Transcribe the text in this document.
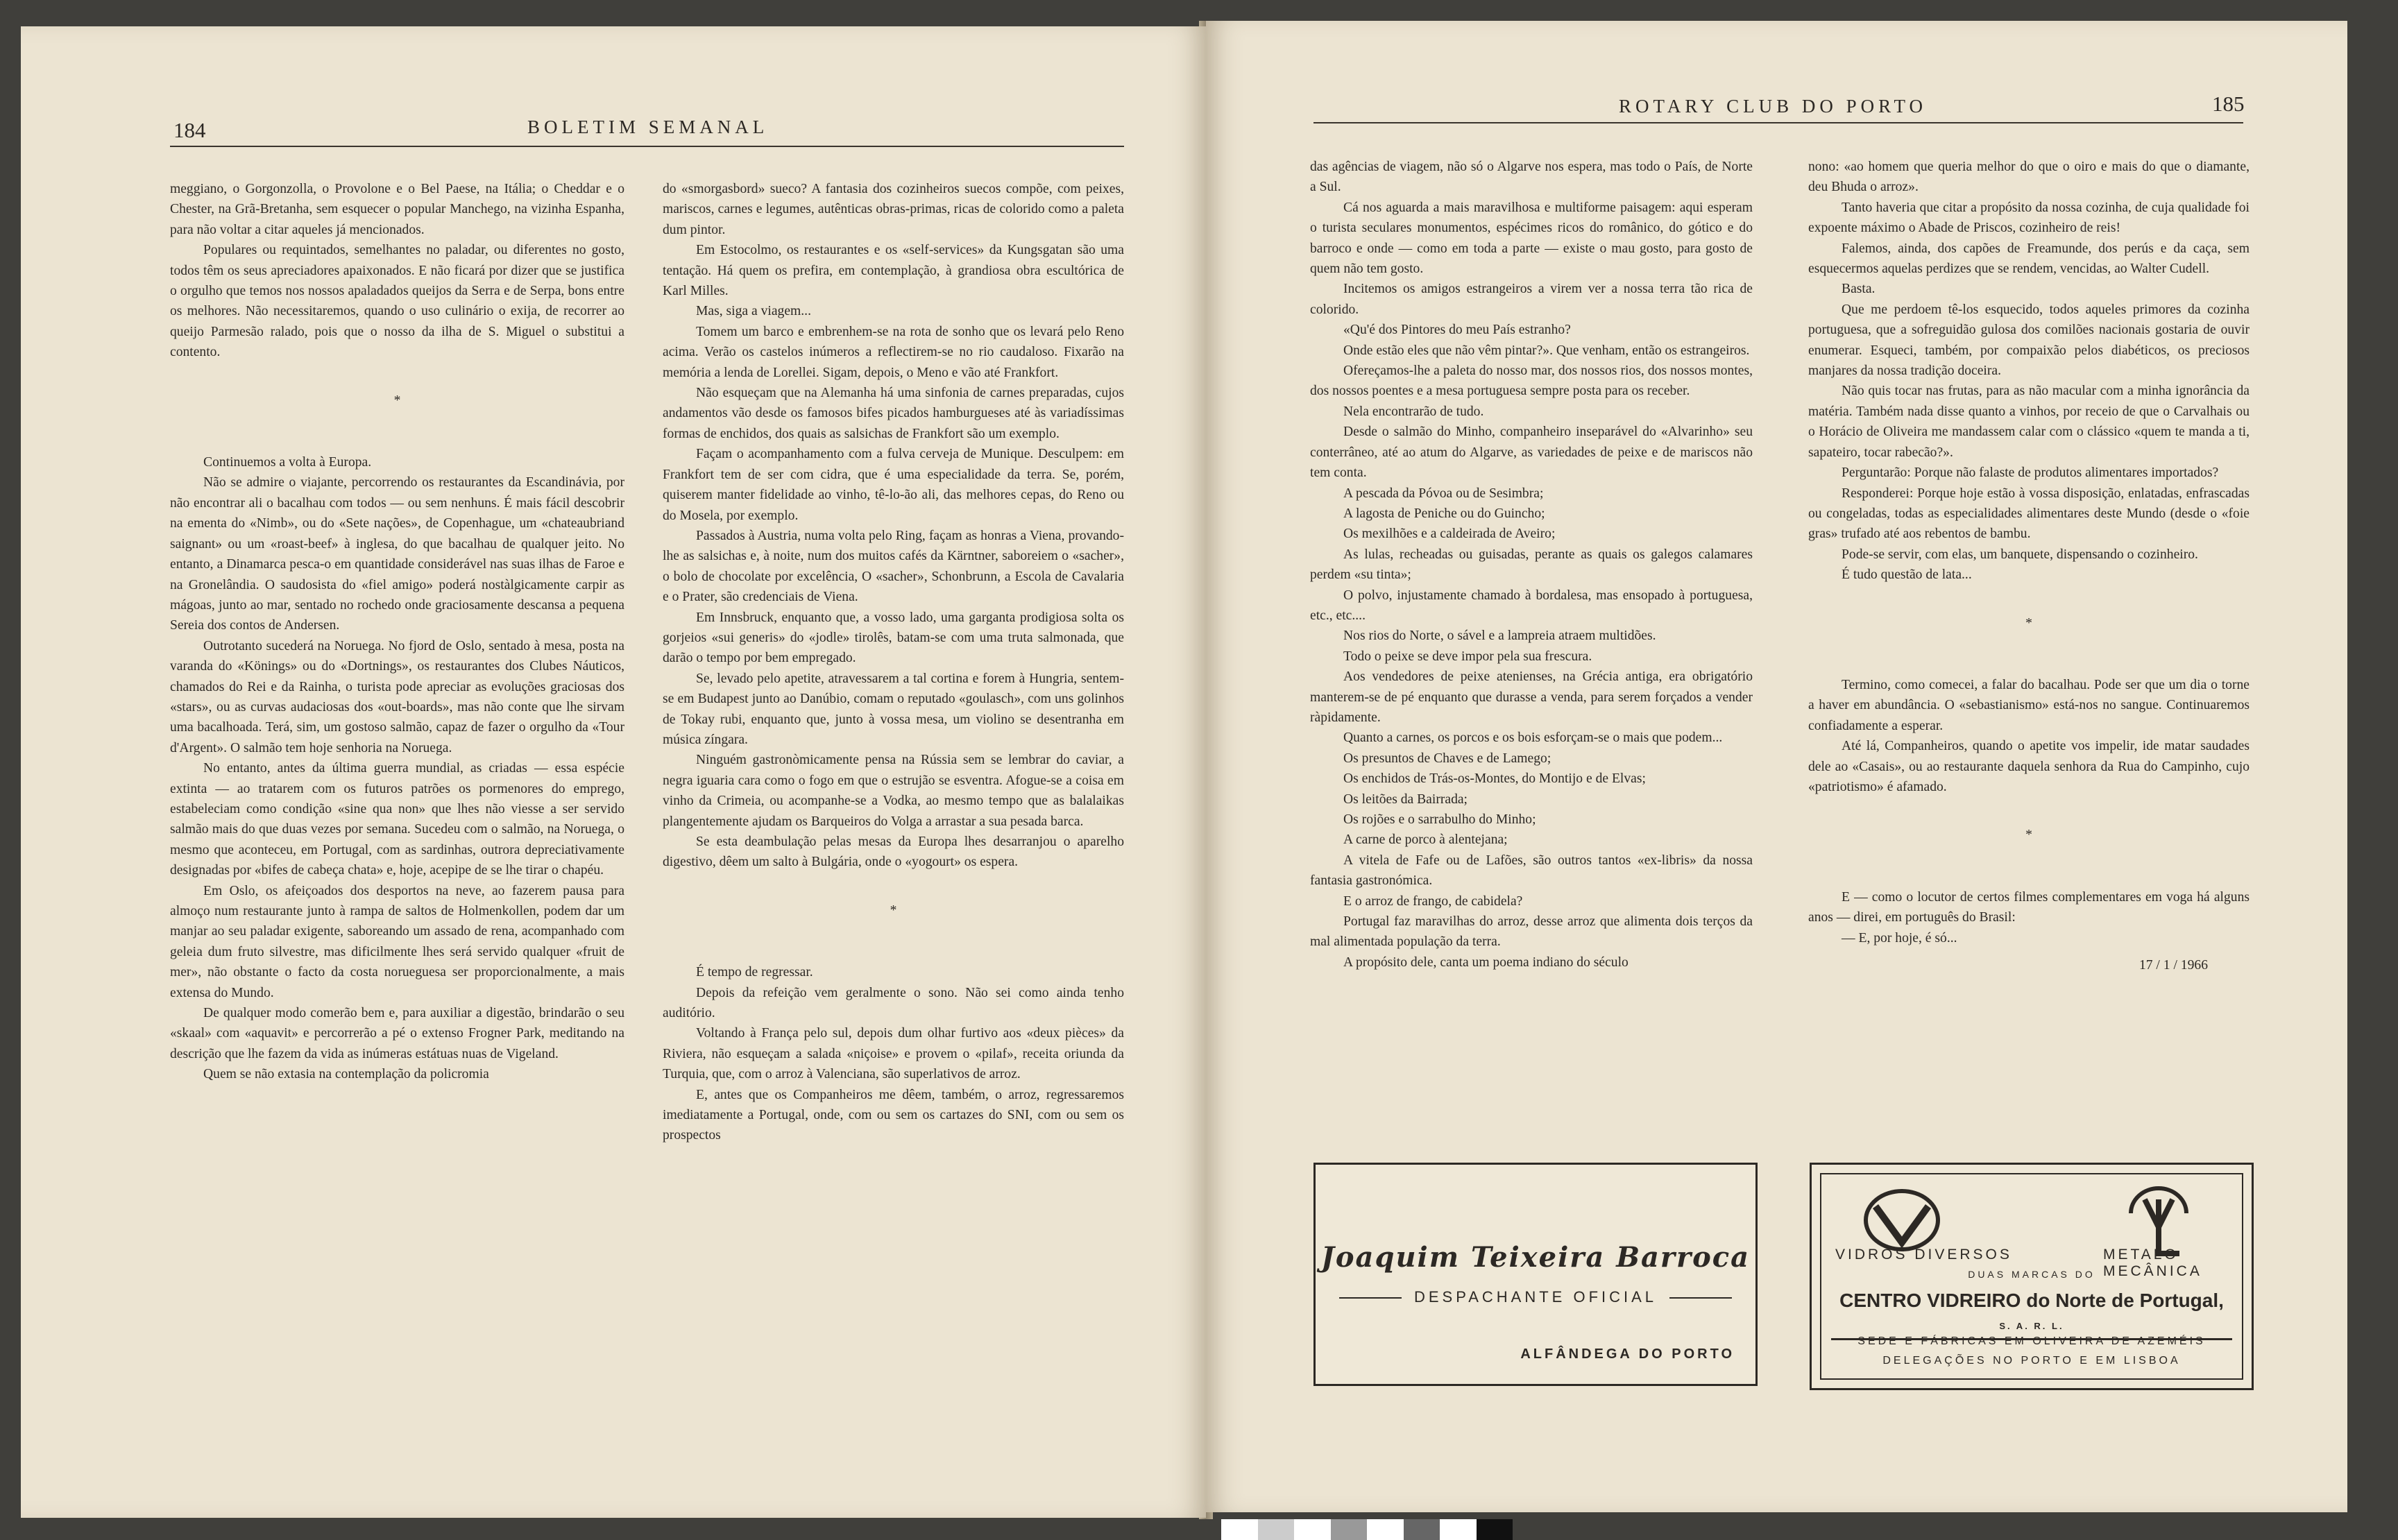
184	BOLETIM SEMANAL

meggiano, o Gorgonzolla, o Provolone e o Bel Paese, na Itália; o Cheddar e o Chester, na Grã-Bretanha, sem esquecer o popular Manchego, na vizinha Espanha, para não voltar a citar aqueles já mencionados.

Populares ou requintados, semelhantes no paladar, ou diferentes no gosto, todos têm os seus apreciadores apaixonados. E não ficará por dizer que se justifica o orgulho que temos nos nossos apaladados queijos da Serra e de Serpa, bons entre os melhores. Não necessitaremos, quando o uso culinário o exija, de recorrer ao queijo Parmesão ralado, pois que o nosso da ilha de S. Miguel o substitui a contento.

*

Continuemos a volta à Europa.

Não se admire o viajante, percorrendo os restaurantes da Escandinávia, por não encontrar ali o bacalhau com todos — ou sem nenhuns. É mais fácil descobrir na ementa do «Nimb», ou do «Sete nações», de Copenhague, um «chateaubriand saignant» ou um «roast-beef» à inglesa, do que bacalhau de qualquer jeito. No entanto, a Dinamarca pesca-o em quantidade considerável nas suas ilhas de Faroe e na Gronelândia. O saudosista do «fiel amigo» poderá nostàlgicamente carpir as mágoas, junto ao mar, sentado no rochedo onde graciosamente descansa a pequena Sereia dos contos de Andersen.

Outrotanto sucederá na Noruega. No fjord de Oslo, sentado à mesa, posta na varanda do «Könings» ou do «Dortnings», os restaurantes dos Clubes Náuticos, chamados do Rei e da Rainha, o turista pode apreciar as evoluções graciosas dos «stars», ou as curvas audaciosas dos «out-boards», mas não conte que lhe sirvam uma bacalhoada. Terá, sim, um gostoso salmão, capaz de fazer o orgulho da «Tour d'Argent». O salmão tem hoje senhoria na Noruega.

No entanto, antes da última guerra mundial, as criadas — essa espécie extinta — ao tratarem com os futuros patrões os pormenores do emprego, estabeleciam como condição «sine qua non» que lhes não viesse a ser servido salmão mais do que duas vezes por semana. Sucedeu com o salmão, na Noruega, o mesmo que aconteceu, em Portugal, com as sardinhas, outrora depreciativamente designadas por «bifes de cabeça chata» e, hoje, acepipe de se lhe tirar o chapéu.

Em Oslo, os afeiçoados dos desportos na neve, ao fazerem pausa para almoço num restaurante junto à rampa de saltos de Holmenkollen, podem dar um manjar ao seu paladar exigente, saboreando um assado de rena, acompanhado com geleia dum fruto silvestre, mas dificilmente lhes será servido qualquer «fruit de mer», não obstante o facto da costa norueguesa ser proporcionalmente, a mais extensa do Mundo.

De qualquer modo comerão bem e, para auxiliar a digestão, brindarão o seu «skaal» com «aquavit» e percorrerão a pé o extenso Frogner Park, meditando na descrição que lhe fazem da vida as inúmeras estátuas nuas de Vigeland.

Quem se não extasia na contemplação da policromia

do «smorgasbord» sueco? A fantasia dos cozinheiros suecos compõe, com peixes, mariscos, carnes e legumes, autênticas obras-primas, ricas de colorido como a paleta dum pintor.

Em Estocolmo, os restaurantes e os «self-services» da Kungsgatan são uma tentação. Há quem os prefira, em contemplação, à grandiosa obra escultórica de Karl Milles.

Mas, siga a viagem...

Tomem um barco e embrenhem-se na rota de sonho que os levará pelo Reno acima. Verão os castelos inúmeros a reflectirem-se no rio caudaloso. Fixarão na memória a lenda de Lorellei. Sigam, depois, o Meno e vão até Frankfort.

Não esqueçam que na Alemanha há uma sinfonia de carnes preparadas, cujos andamentos vão desde os famosos bifes picados hamburgueses até às variadíssimas formas de enchidos, dos quais as salsichas de Frankfort são um exemplo.

Façam o acompanhamento com a fulva cerveja de Munique. Desculpem: em Frankfort tem de ser com cidra, que é uma especialidade da terra. Se, porém, quiserem manter fidelidade ao vinho, tê-lo-ão ali, das melhores cepas, do Reno ou do Mosela, por exemplo.

Passados à Austria, numa volta pelo Ring, façam as honras a Viena, provando-lhe as salsichas e, à noite, num dos muitos cafés da Kärntner, saboreiem o «sacher», o bolo de chocolate por excelência, O «sacher», Schonbrunn, a Escola de Cavalaria e o Prater, são credenciais de Viena.

Em Innsbruck, enquanto que, a vosso lado, uma garganta prodigiosa solta os gorjeios «sui generis» do «jodle» tirolês, batam-se com uma truta salmonada, que darão o tempo por bem empregado.

Se, levado pelo apetite, atravessarem a tal cortina e forem à Hungria, sentem-se em Budapest junto ao Danúbio, comam o reputado «goulasch», com uns golinhos de Tokay rubi, enquanto que, junto à vossa mesa, um violino se desentranha em música zíngara.

Ninguém gastronòmicamente pensa na Rússia sem se lembrar do caviar, a negra iguaria cara como o fogo em que o estrujão se esventra. Afogue-se a coisa em vinho da Crimeia, ou acompanhe-se a Vodka, ao mesmo tempo que as balalaikas plangentemente ajudam os Barqueiros do Volga a arrastar a sua pesada barca.

Se esta deambulação pelas mesas da Europa lhes desarranjou o aparelho digestivo, dêem um salto à Bulgária, onde o «yogourt» os espera.

*

É tempo de regressar.

Depois da refeição vem geralmente o sono. Não sei como ainda tenho auditório.

Voltando à França pelo sul, depois dum olhar furtivo aos «deux pièces» da Riviera, não esqueçam a salada «niçoise» e provem o «pilaf», receita oriunda da Turquia, que, com o arroz à Valenciana, são superlativos de arroz.

E, antes que os Companheiros me dêem, também, o arroz, regressaremos imediatamente a Portugal, onde, com ou sem os cartazes do SNI, com ou sem os prospectos

ROTARY CLUB DO PORTO	185

das agências de viagem, não só o Algarve nos espera, mas todo o País, de Norte a Sul.

Cá nos aguarda a mais maravilhosa e multiforme paisagem: aqui esperam o turista seculares monumentos, espécimes ricos do românico, do gótico e do barroco e onde — como em toda a parte — existe o mau gosto, para gosto de quem não tem gosto.

Incitemos os amigos estrangeiros a virem ver a nossa terra tão rica de colorido.

«Qu'é dos Pintores do meu País estranho?

Onde estão eles que não vêm pintar?». Que venham, então os estrangeiros.

Ofereçamos-lhe a paleta do nosso mar, dos nossos rios, dos nossos montes, dos nossos poentes e a mesa portuguesa sempre posta para os receber.

Nela encontrarão de tudo.

Desde o salmão do Minho, companheiro inseparável do «Alvarinho» seu conterrâneo, até ao atum do Algarve, as variedades de peixe e de mariscos não tem conta.

A pescada da Póvoa ou de Sesimbra;

A lagosta de Peniche ou do Guincho;

Os mexilhões e a caldeirada de Aveiro;

As lulas, recheadas ou guisadas, perante as quais os galegos calamares perdem «su tinta»;

O polvo, injustamente chamado à bordalesa, mas ensopado à portuguesa, etc., etc....

Nos rios do Norte, o sável e a lampreia atraem multidões.

Todo o peixe se deve impor pela sua frescura.

Aos vendedores de peixe atenienses, na Grécia antiga, era obrigatório manterem-se de pé enquanto que durasse a venda, para serem forçados a vender ràpidamente.

Quanto a carnes, os porcos e os bois esforçam-se o mais que podem...

Os presuntos de Chaves e de Lamego;

Os enchidos de Trás-os-Montes, do Montijo e de Elvas;

Os leitões da Bairrada;

Os rojões e o sarrabulho do Minho;

A carne de porco à alentejana;

A vitela de Fafe ou de Lafões, são outros tantos «ex-libris» da nossa fantasia gastronómica.

E o arroz de frango, de cabidela?

Portugal faz maravilhas do arroz, desse arroz que alimenta dois terços da mal alimentada população da terra.

A propósito dele, canta um poema indiano do século

nono: «ao homem que queria melhor do que o oiro e mais do que o diamante, deu Bhuda o arroz».

Tanto haveria que citar a propósito da nossa cozinha, de cuja qualidade foi expoente máximo o Abade de Priscos, cozinheiro de reis!

Falemos, ainda, dos capões de Freamunde, dos perús e da caça, sem esquecermos aquelas perdizes que se rendem, vencidas, ao Walter Cudell.

Basta.

Que me perdoem tê-los esquecido, todos aqueles primores da cozinha portuguesa, que a sofreguidão gulosa dos comilões nacionais gostaria de ouvir enumerar. Esqueci, também, por compaixão pelos diabéticos, os preciosos manjares da nossa tradição doceira.

Não quis tocar nas frutas, para as não macular com a minha ignorância da matéria. Também nada disse quanto a vinhos, por receio de que o Carvalhais ou o Horácio de Oliveira me mandassem calar com o clássico «quem te manda a ti, sapateiro, tocar rabecão?».

Perguntarão: Porque não falaste de produtos alimentares importados?

Responderei: Porque hoje estão à vossa disposição, enlatadas, enfrascadas ou congeladas, todas as especialidades alimentares deste Mundo (desde o «foie gras» trufado até aos rebentos de bambu.

Pode-se servir, com elas, um banquete, dispensando o cozinheiro.

É tudo questão de lata...

*

Termino, como comecei, a falar do bacalhau. Pode ser que um dia o torne a haver em abundância. O «sebastianismo» está-nos no sangue. Continuaremos confiadamente a esperar.

Até lá, Companheiros, quando o apetite vos impelir, ide matar saudades dele ao «Casais», ou ao restaurante daquela senhora da Rua do Campinho, cujo «patriotismo» é afamado.

*

E — como o locutor de certos filmes complementares em voga há alguns anos — direi, em português do Brasil:

— E, por hoje, é só...

17 / 1 / 1966

Joaquim Teixeira Barroca
DESPACHANTE OFICIAL
ALFÂNDEGA DO PORTO
VIDROS DIVERSOS	METALO MECÂNICA
DUAS MARCAS DO
CENTRO VIDREIRO do Norte de Portugal, S. A. R. L.
SEDE E FÁBRICAS EM OLIVEIRA DE AZEMÉIS
DELEGAÇÕES NO PORTO E EM LISBOA
